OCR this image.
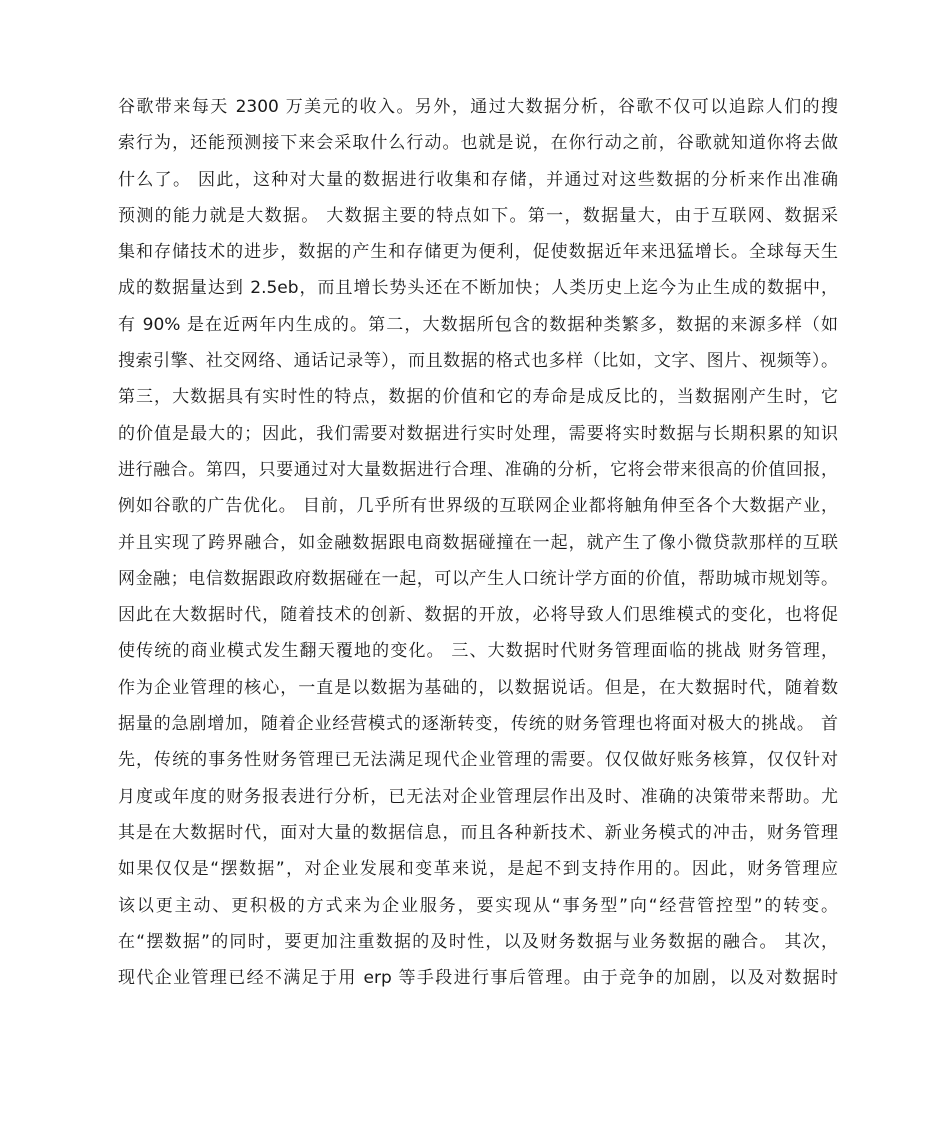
谷歌带来每天 2300 万美元的收入。另外，通过大数据分析，谷歌不仅可以追踪人们的搜
索行为，还能预测接下来会采取什么行动。也就是说，在你行动之前，谷歌就知道你将去做
什么了。 因此，这种对大量的数据进行收集和存储，并通过对这些数据的分析来作出准确
预测的能力就是大数据。 大数据主要的特点如下。第一，数据量大，由于互联网、数据采
集和存储技术的进步，数据的产生和存储更为便利，促使数据近年来迅猛增长。全球每天生
成的数据量达到 2.5eb，而且增长势头还在不断加快；人类历史上迄今为止生成的数据中，
有 90% 是在近两年内生成的。第二，大数据所包含的数据种类繁多，数据的来源多样（如
搜索引擎、社交网络、通话记录等），而且数据的格式也多样（比如，文字、图片、视频等）。
第三，大数据具有实时性的特点，数据的价值和它的寿命是成反比的，当数据刚产生时，它
的价值是最大的；因此，我们需要对数据进行实时处理，需要将实时数据与长期积累的知识
进行融合。第四，只要通过对大量数据进行合理、准确的分析，它将会带来很高的价值回报，
例如谷歌的广告优化。 目前，几乎所有世界级的互联网企业都将触角伸至各个大数据产业，
并且实现了跨界融合，如金融数据跟电商数据碰撞在一起，就产生了像小微贷款那样的互联
网金融；电信数据跟政府数据碰在一起，可以产生人口统计学方面的价值，帮助城市规划等。
因此在大数据时代，随着技术的创新、数据的开放，必将导致人们思维模式的变化，也将促
使传统的商业模式发生翻天覆地的变化。 三、大数据时代财务管理面临的挑战 财务管理，
作为企业管理的核心，一直是以数据为基础的，以数据说话。但是，在大数据时代，随着数
据量的急剧增加，随着企业经营模式的逐渐转变，传统的财务管理也将面对极大的挑战。 首
先，传统的事务性财务管理已无法满足现代企业管理的需要。仅仅做好账务核算，仅仅针对
月度或年度的财务报表进行分析，已无法对企业管理层作出及时、准确的决策带来帮助。尤
其是在大数据时代，面对大量的数据信息，而且各种新技术、新业务模式的冲击，财务管理
如果仅仅是“摆数据”，对企业发展和变革来说，是起不到支持作用的。因此，财务管理应
该以更主动、更积极的方式来为企业服务，要实现从“事务型”向“经营管控型”的转变。
在“摆数据”的同时，要更加注重数据的及时性，以及财务数据与业务数据的融合。 其次，
现代企业管理已经不满足于用 erp 等手段进行事后管理。由于竞争的加剧，以及对数据时
